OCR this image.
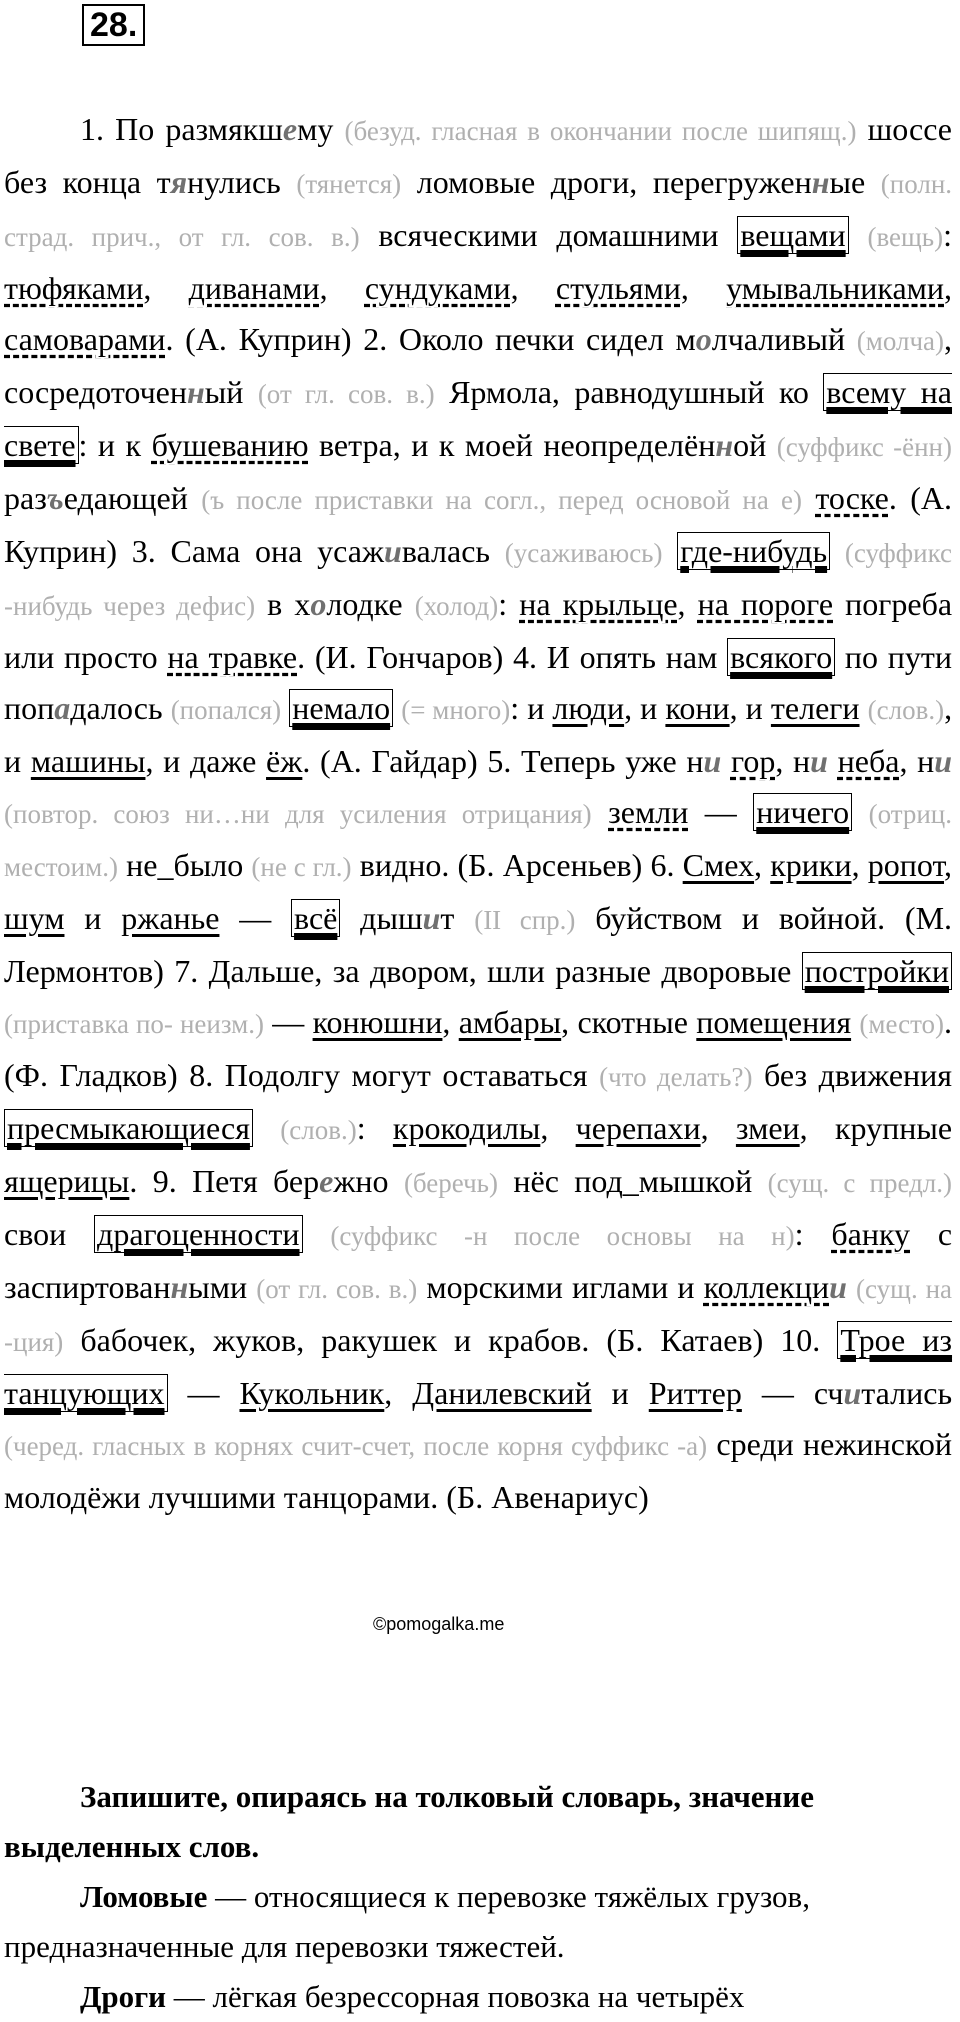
28.
1. По размякшему (безуд. гласная в окончании после шипящ.) шоссе без конца тянулись (тянется) ломовые дроги, перегруженные (полн. страд. прич., от гл. сов. в.) всяческими домашними вещами (вещь): тюфяками, диванами, сундуками, стульями, умывальниками, самоварами. (А. Куприн) 2. Около печки сидел молчаливый (молча), сосредоточенный (от гл. сов. в.) Ярмола, равнодушный ко всему на свете: и к бушеванию ветра, и к моей неопределённой (суффикс -ённ) разъедающей (ъ после приставки на согл., перед основой на е) тоске. (А. Куприн) 3. Сама она усаживалась (усаживаюсь) где-нибудь (суффикс -нибудь через дефис) в холодке (холод): на крыльце, на пороге погреба или просто на травке. (И. Гончаров) 4. И опять нам всякого по пути попадалось (попался) немало (= много): и люди, и кони, и телеги (слов.), и машины, и даже ёж. (А. Гайдар) 5. Теперь уже ни гор, ни неба, ни (повтор. союз ни…ни для усиления отрицания) земли — ничего (отриц. местоим.) не_было (не с гл.) видно. (Б. Арсеньев) 6. Смех, крики, ропот, шум и ржанье — всё дышит (II спр.) буйством и войной. (М. Лермонтов) 7. Дальше, за двором, шли разные дворовые постройки (приставка по- неизм.) — конюшни, амбары, скотные помещения (место). (Ф. Гладков) 8. Подолгу могут оставаться (что делать?) без движения пресмыкающиеся (слов.): крокодилы, черепахи, змеи, крупные ящерицы. 9. Петя бережно (беречь) нёс под_мышкой (сущ. с предл.) свои драгоценности (суффикс -н после основы на н): банку с заспиртованными (от гл. сов. в.) морскими иглами и коллекции (сущ. на -ция) бабочек, жуков, ракушек и крабов. (Б. Катаев) 10. Трое из танцующих — Кукольник, Данилевский и Риттер — считались (черед. гласных в корнях счит-счет, после корня суффикс -а) среди нежинской молодёжи лучшими танцорами. (Б. Авенариус)
©pomogalka.me
Запишите, опираясь на толковый словарь, значение выделенных слов.
Ломовые — относящиеся к перевозке тяжёлых грузов, предназначенные для перевозки тяжестей.
Дроги — лёгкая безрессорная повозка на четырёх
